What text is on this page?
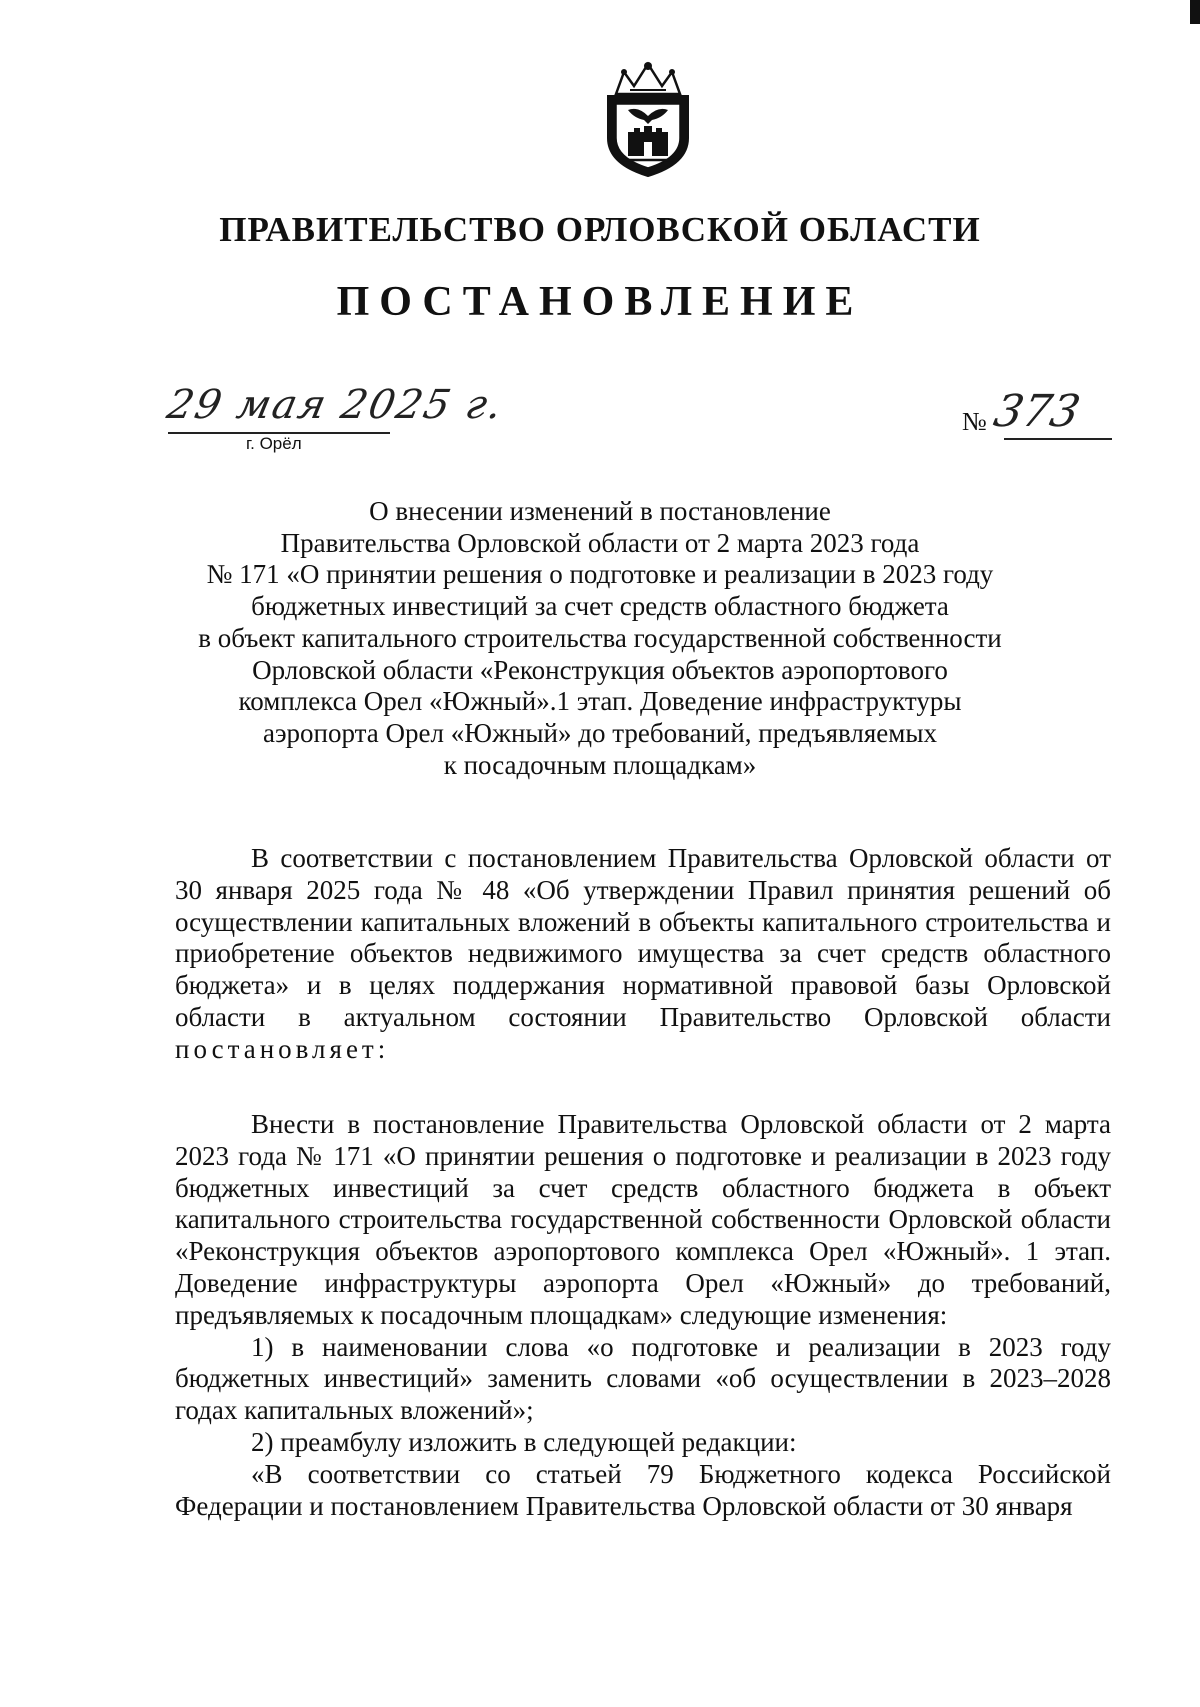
ПРАВИТЕЛЬСТВО ОРЛОВСКОЙ ОБЛАСТИ
ПОСТАНОВЛЕНИЕ
29 мая 2025 г.
г. Орёл
№ 373
О внесении изменений в постановление
Правительства Орловской области от 2 марта 2023 года
№ 171 «О принятии решения о подготовке и реализации в 2023 году
бюджетных инвестиций за счет средств областного бюджета
в объект капитального строительства государственной собственности
Орловской области «Реконструкция объектов аэропортового
комплекса Орел «Южный».1 этап. Доведение инфраструктуры
аэропорта Орел «Южный» до требований, предъявляемых
к посадочным площадкам»

В соответствии с постановлением Правительства Орловской области от 30 января 2025 года № 48 «Об утверждении Правил принятия решений об осуществлении капитальных вложений в объекты капитального строительства и приобретение объектов недвижимого имущества за счет средств областного бюджета» и в целях поддержания нормативной правовой базы Орловской области в актуальном состоянии Правительство Орловской области постановляет:

Внести в постановление Правительства Орловской области от 2 марта 2023 года № 171 «О принятии решения о подготовке и реализации в 2023 году бюджетных инвестиций за счет средств областного бюджета в объект капитального строительства государственной собственности Орловской области «Реконструкция объектов аэропортового комплекса Орел «Южный». 1 этап. Доведение инфраструктуры аэропорта Орел «Южный» до требований, предъявляемых к посадочным площадкам» следующие изменения:

1) в наименовании слова «о подготовке и реализации в 2023 году бюджетных инвестиций» заменить словами «об осуществлении в 2023–2028 годах капитальных вложений»;

2) преамбулу изложить в следующей редакции:

«В соответствии со статьей 79 Бюджетного кодекса Российской Федерации и постановлением Правительства Орловской области от 30 января
